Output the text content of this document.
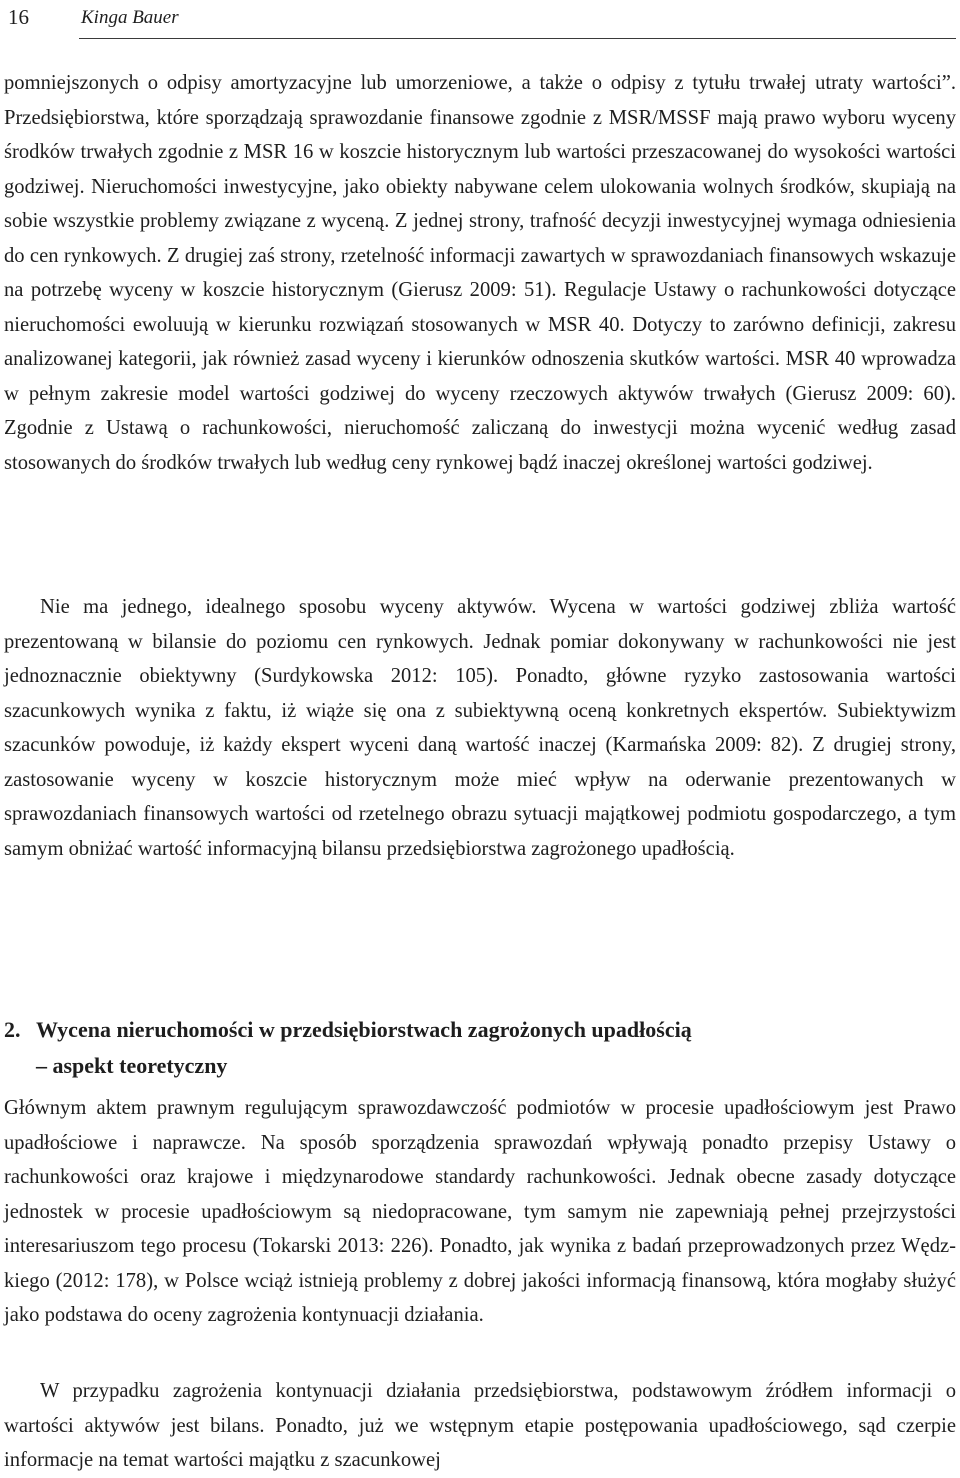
16	Kinga Bauer

pomniejszonych o odpisy amortyzacyjne lub umorzeniowe, a także o odpisy z tytułu trwałej utraty wartości”. Przedsiębiorstwa, które sporządzają sprawozdanie finansowe zgodnie z MSR/MSSF mają prawo wyboru wyceny środków trwałych zgodnie z MSR 16 w koszcie historycznym lub wartości przeszacowanej do wysokości wartości godziwej. Nieruchomości inwestycyjne, jako obiekty nabywane celem ulokowania wolnych środków, skupiają na sobie wszystkie problemy związane z wyceną. Z jednej strony, trafność decyzji inwestycyjnej wymaga odniesienia do cen rynkowych. Z drugiej zaś strony, rzetelność informacji zawartych w sprawozdaniach finansowych wskazuje na potrzebę wyceny w koszcie historycznym (Gierusz 2009: 51). Regulacje Ustawy o rachunkowości dotyczące nieruchomości ewoluują w kierunku rozwiązań stosowanych w MSR 40. Dotyczy to zarówno definicji, zakresu analizowanej kategorii, jak również zasad wyceny i kierunków odnoszenia skutków wartości. MSR 40 wprowadza w pełnym zakresie model wartości godziwej do wyceny rzeczowych aktywów trwałych (Gierusz 2009: 60). Zgodnie z Ustawą o rachunkowości, nieruchomość zaliczaną do inwestycji można wycenić według zasad stosowanych do środków trwałych lub według ceny rynkowej bądź inaczej określonej wartości godziwej.

Nie ma jednego, idealnego sposobu wyceny aktywów. Wycena w wartości godziwej zbliża wartość prezentowaną w bilansie do poziomu cen rynkowych. Jednak pomiar dokonywany w rachunkowości nie jest jednoznacznie obiektywny (Surdykowska 2012: 105). Ponadto, główne ryzyko zastosowania wartości szacunkowych wynika z faktu, iż wiąże się ona z subiektywną oceną konkretnych ekspertów. Subiektywizm szacunków powoduje, iż każdy ekspert wyceni daną wartość inaczej (Karmańska 2009: 82). Z drugiej strony, zastosowanie wyceny w koszcie historycznym może mieć wpływ na oderwanie prezentowanych w sprawozdaniach finansowych wartości od rzetelnego obrazu sytuacji majątkowej podmiotu gospodarczego, a tym samym obniżać wartość informacyjną bilansu przedsiębiorstwa zagrożonego upadłością.

2. Wycena nieruchomości w przedsiębiorstwach zagrożonych upadłością
– aspekt teoretyczny

Głównym aktem prawnym regulującym sprawozdawczość podmiotów w procesie upadłościowym jest Prawo upadłościowe i naprawcze. Na sposób sporządzenia sprawozdań wpływają ponadto przepisy Ustawy o rachunkowości oraz krajowe i międzynarodowe standardy rachunkowości. Jednak obecne zasady dotyczące jednostek w procesie upadłościowym są niedopracowane, tym samym nie zapewniają pełnej przejrzystości interesariuszom tego procesu (Tokarski 2013: 226). Ponadto, jak wynika z badań przeprowadzonych przez Wędzkiego (2012: 178), w Polsce wciąż istnieją problemy z dobrej jakości informacją finansową, która mogłaby służyć jako podstawa do oceny zagrożenia kontynuacji działania.

W przypadku zagrożenia kontynuacji działania przedsiębiorstwa, podstawowym źródłem informacji o wartości aktywów jest bilans. Ponadto, już we wstępnym etapie postępowania upadłościowego, sąd czerpie informacje na temat wartości majątku z szacunkowej
